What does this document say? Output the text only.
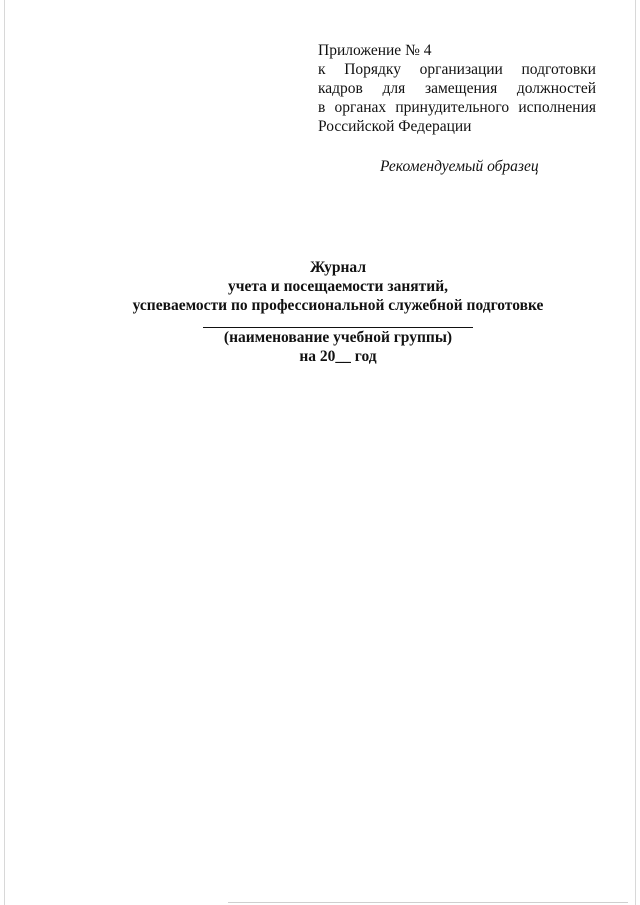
Приложение № 4
к Порядку организации подготовки
кадров для замещения должностей
в органах принудительного исполнения
Российской Федерации
Рекомендуемый образец
Журнал
учета и посещаемости занятий,
успеваемости по профессиональной служебной подготовке
(наименование учебной группы)
на 20__ год
